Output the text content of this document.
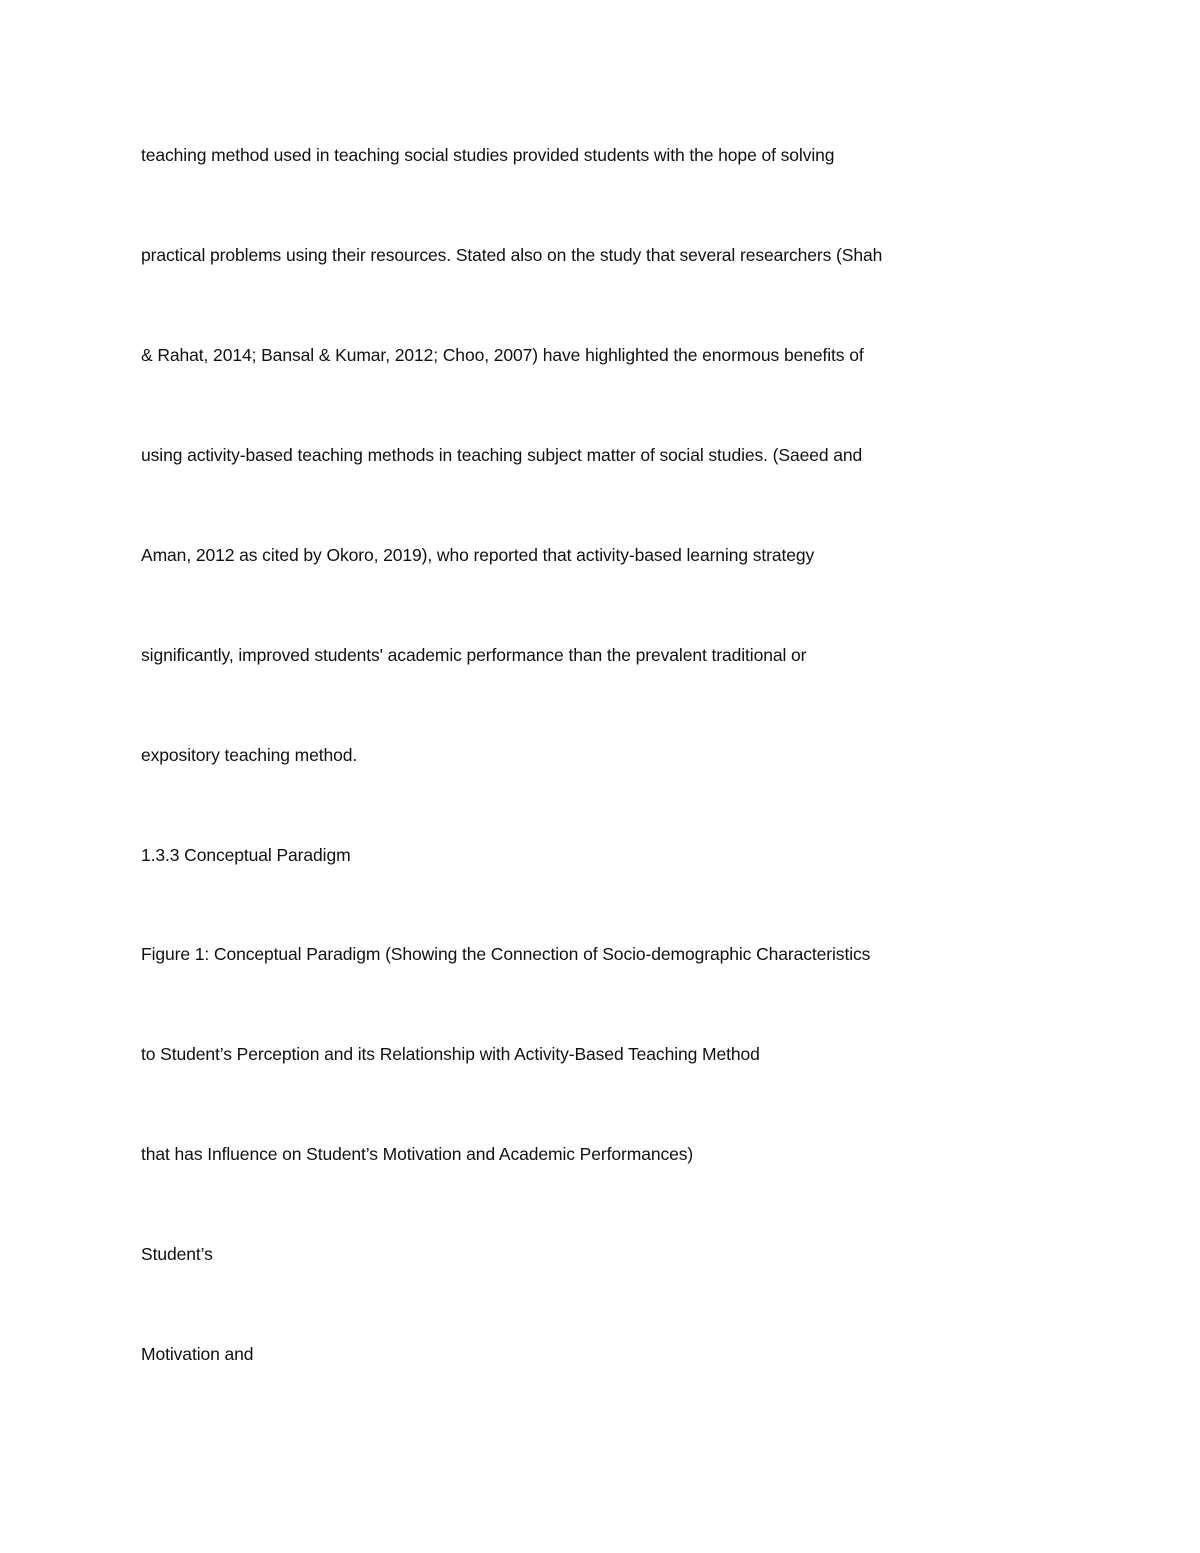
teaching method used in teaching social studies provided students with the hope of solving

practical problems using their resources. Stated also on the study that several researchers (Shah

& Rahat, 2014; Bansal & Kumar, 2012; Choo, 2007) have highlighted the enormous benefits of

using activity-based teaching methods in teaching subject matter of social studies. (Saeed and

Aman, 2012 as cited by Okoro, 2019), who reported that activity-based learning strategy

significantly, improved students' academic performance than the prevalent traditional or

expository teaching method.

1.3.3 Conceptual Paradigm

Figure 1: Conceptual Paradigm (Showing the Connection of Socio-demographic Characteristics

to Student’s Perception and its Relationship with Activity-Based Teaching Method

that has Influence on Student’s Motivation and Academic Performances)

Student’s

Motivation and
